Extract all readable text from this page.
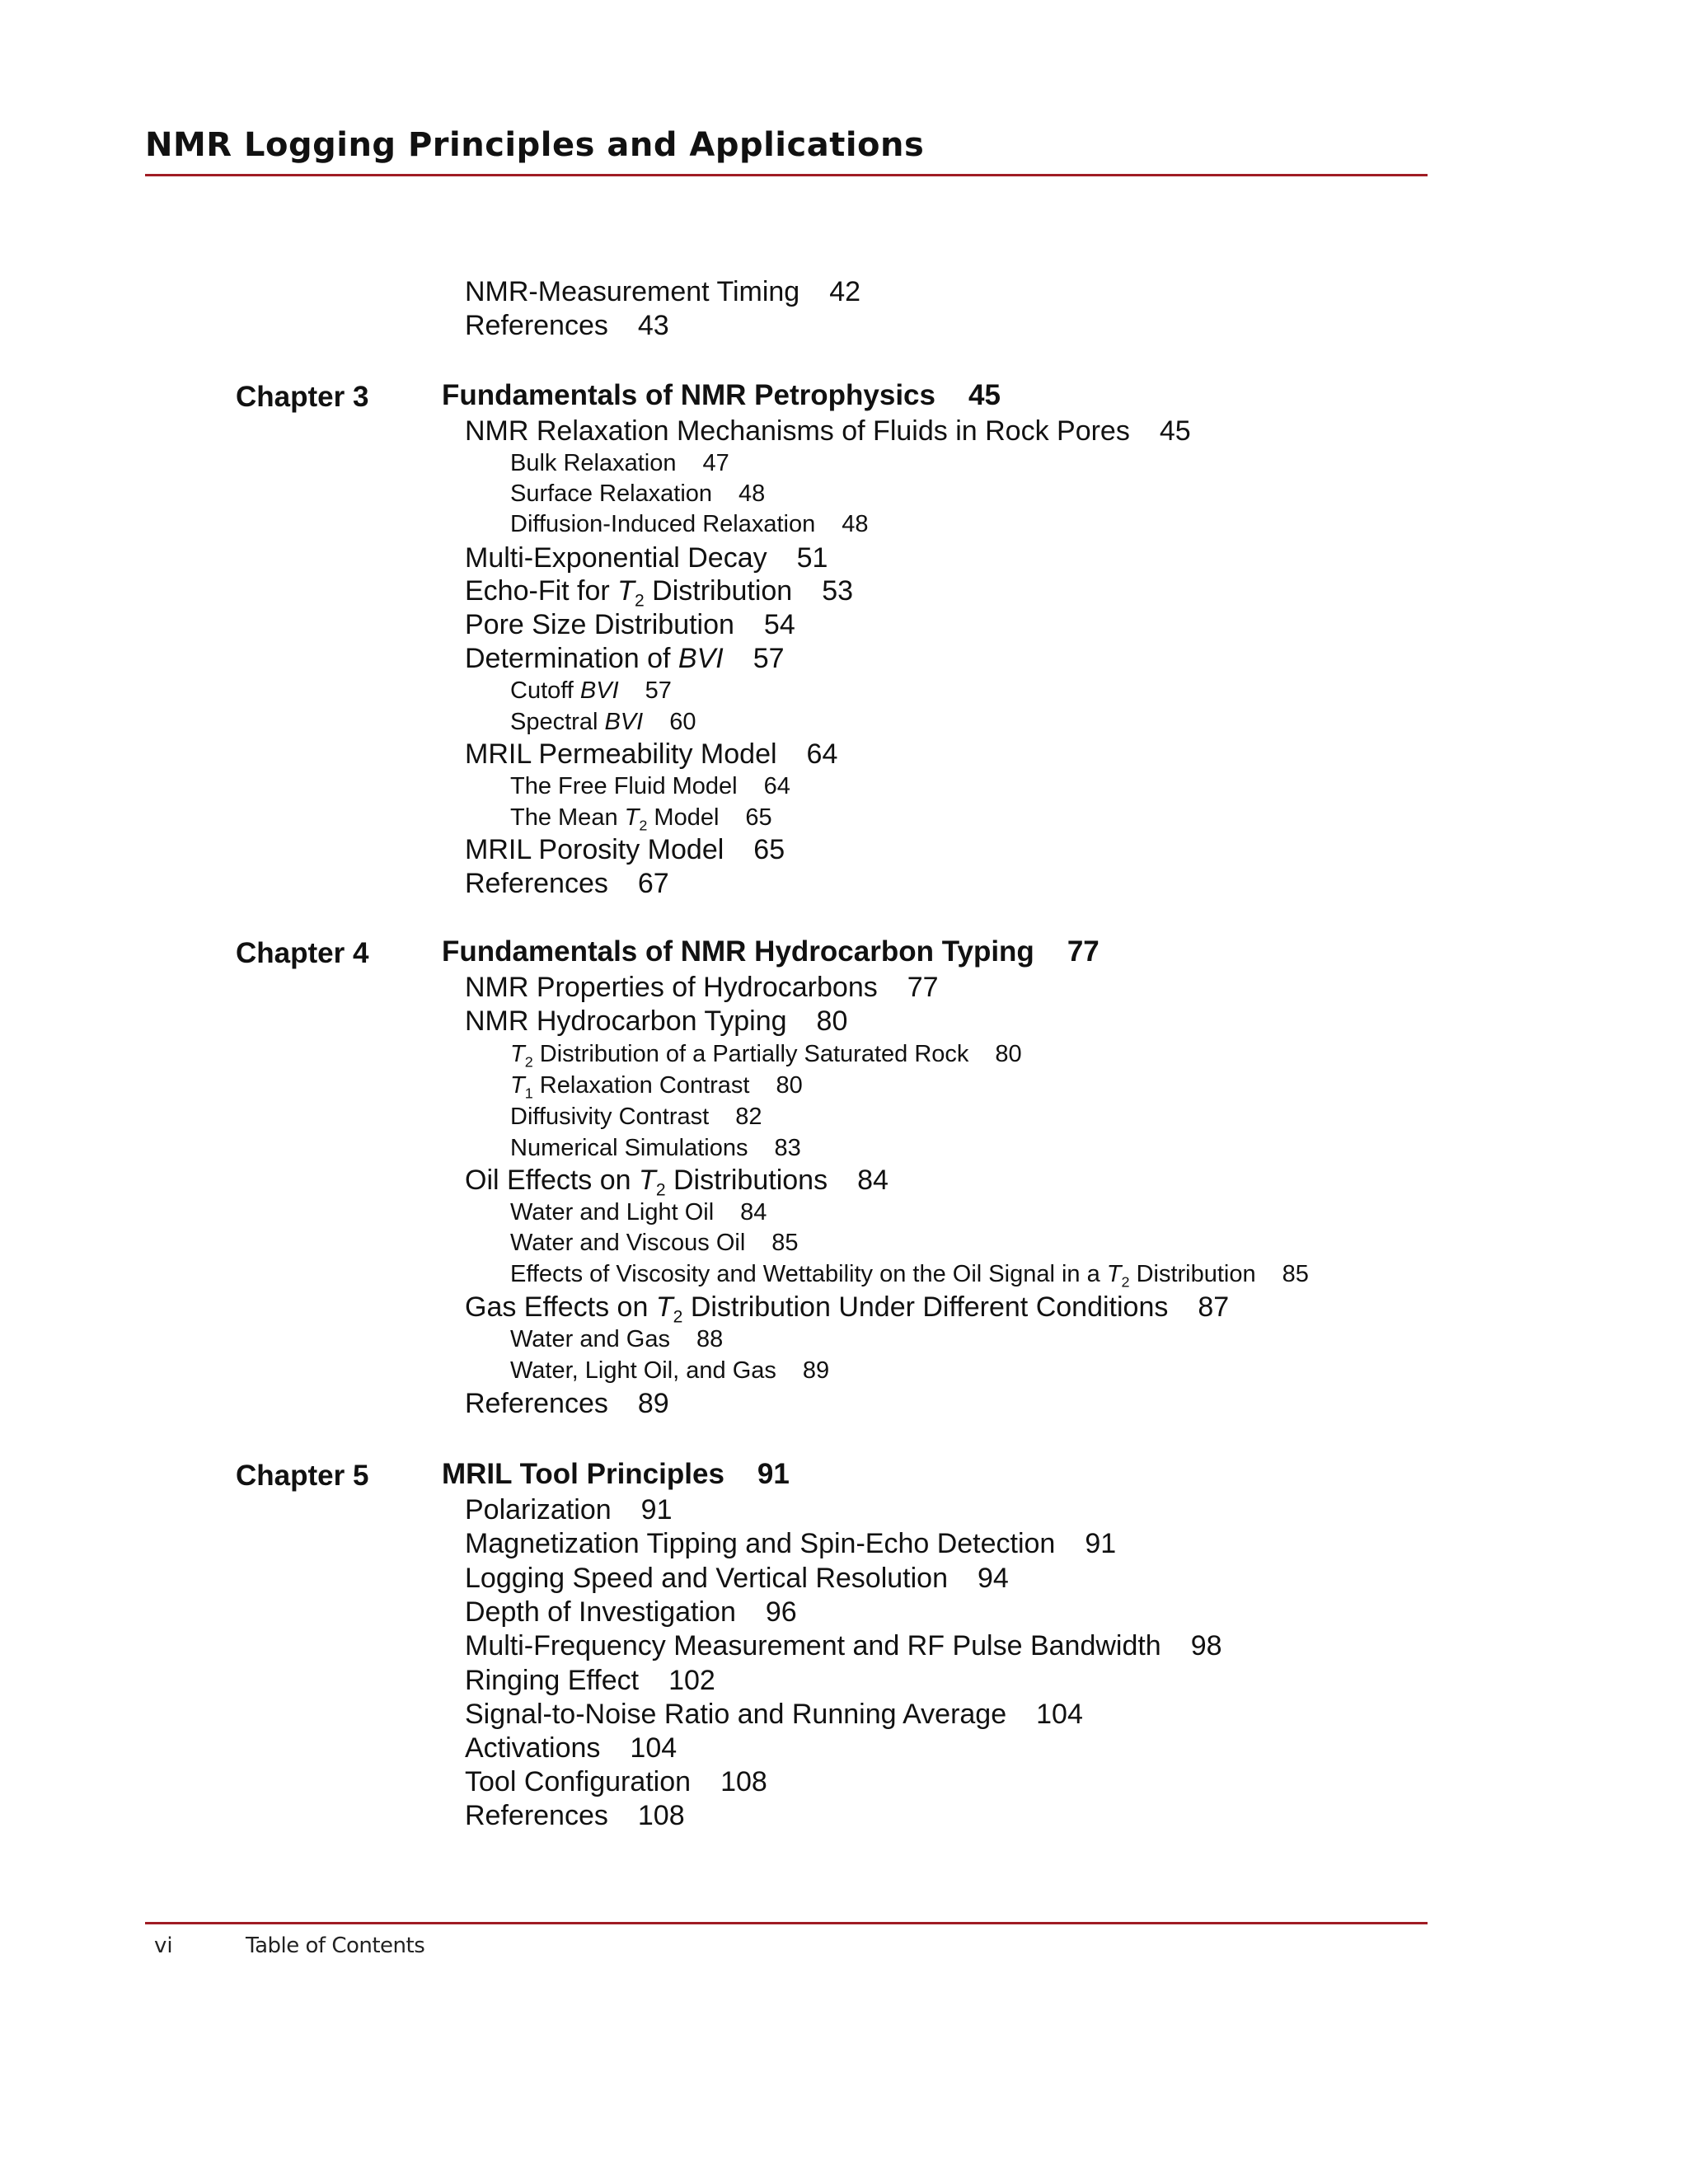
NMR Logging Principles and Applications
NMR-Measurement Timing 42
References 43
Chapter 3	Fundamentals of NMR Petrophysics 45
NMR Relaxation Mechanisms of Fluids in Rock Pores 45
Bulk Relaxation 47
Surface Relaxation 48
Diffusion-Induced Relaxation 48
Multi-Exponential Decay 51
Echo-Fit for $T_2$ Distribution 53
Pore Size Distribution 54
Determination of BVI 57
Cutoff BVI 57
Spectral BVI 60
MRIL Permeability Model 64
The Free Fluid Model 64
The Mean $T_2$ Model 65
MRIL Porosity Model 65
References 67
Chapter 4	Fundamentals of NMR Hydrocarbon Typing 77
NMR Properties of Hydrocarbons 77
NMR Hydrocarbon Typing 80
$T_2$ Distribution of a Partially Saturated Rock 80
$T_1$ Relaxation Contrast 80
Diffusivity Contrast 82
Numerical Simulations 83
Oil Effects on $T_2$ Distributions 84
Water and Light Oil 84
Water and Viscous Oil 85
Effects of Viscosity and Wettability on the Oil Signal in a $T_2$ Distribution 85
Gas Effects on $T_2$ Distribution Under Different Conditions 87
Water and Gas 88
Water, Light Oil, and Gas 89
References 89
Chapter 5	MRIL Tool Principles 91
Polarization 91
Magnetization Tipping and Spin-Echo Detection 91
Logging Speed and Vertical Resolution 94
Depth of Investigation 96
Multi-Frequency Measurement and RF Pulse Bandwidth 98
Ringing Effect 102
Signal-to-Noise Ratio and Running Average 104
Activations 104
Tool Configuration 108
References 108
vi	Table of Contents
